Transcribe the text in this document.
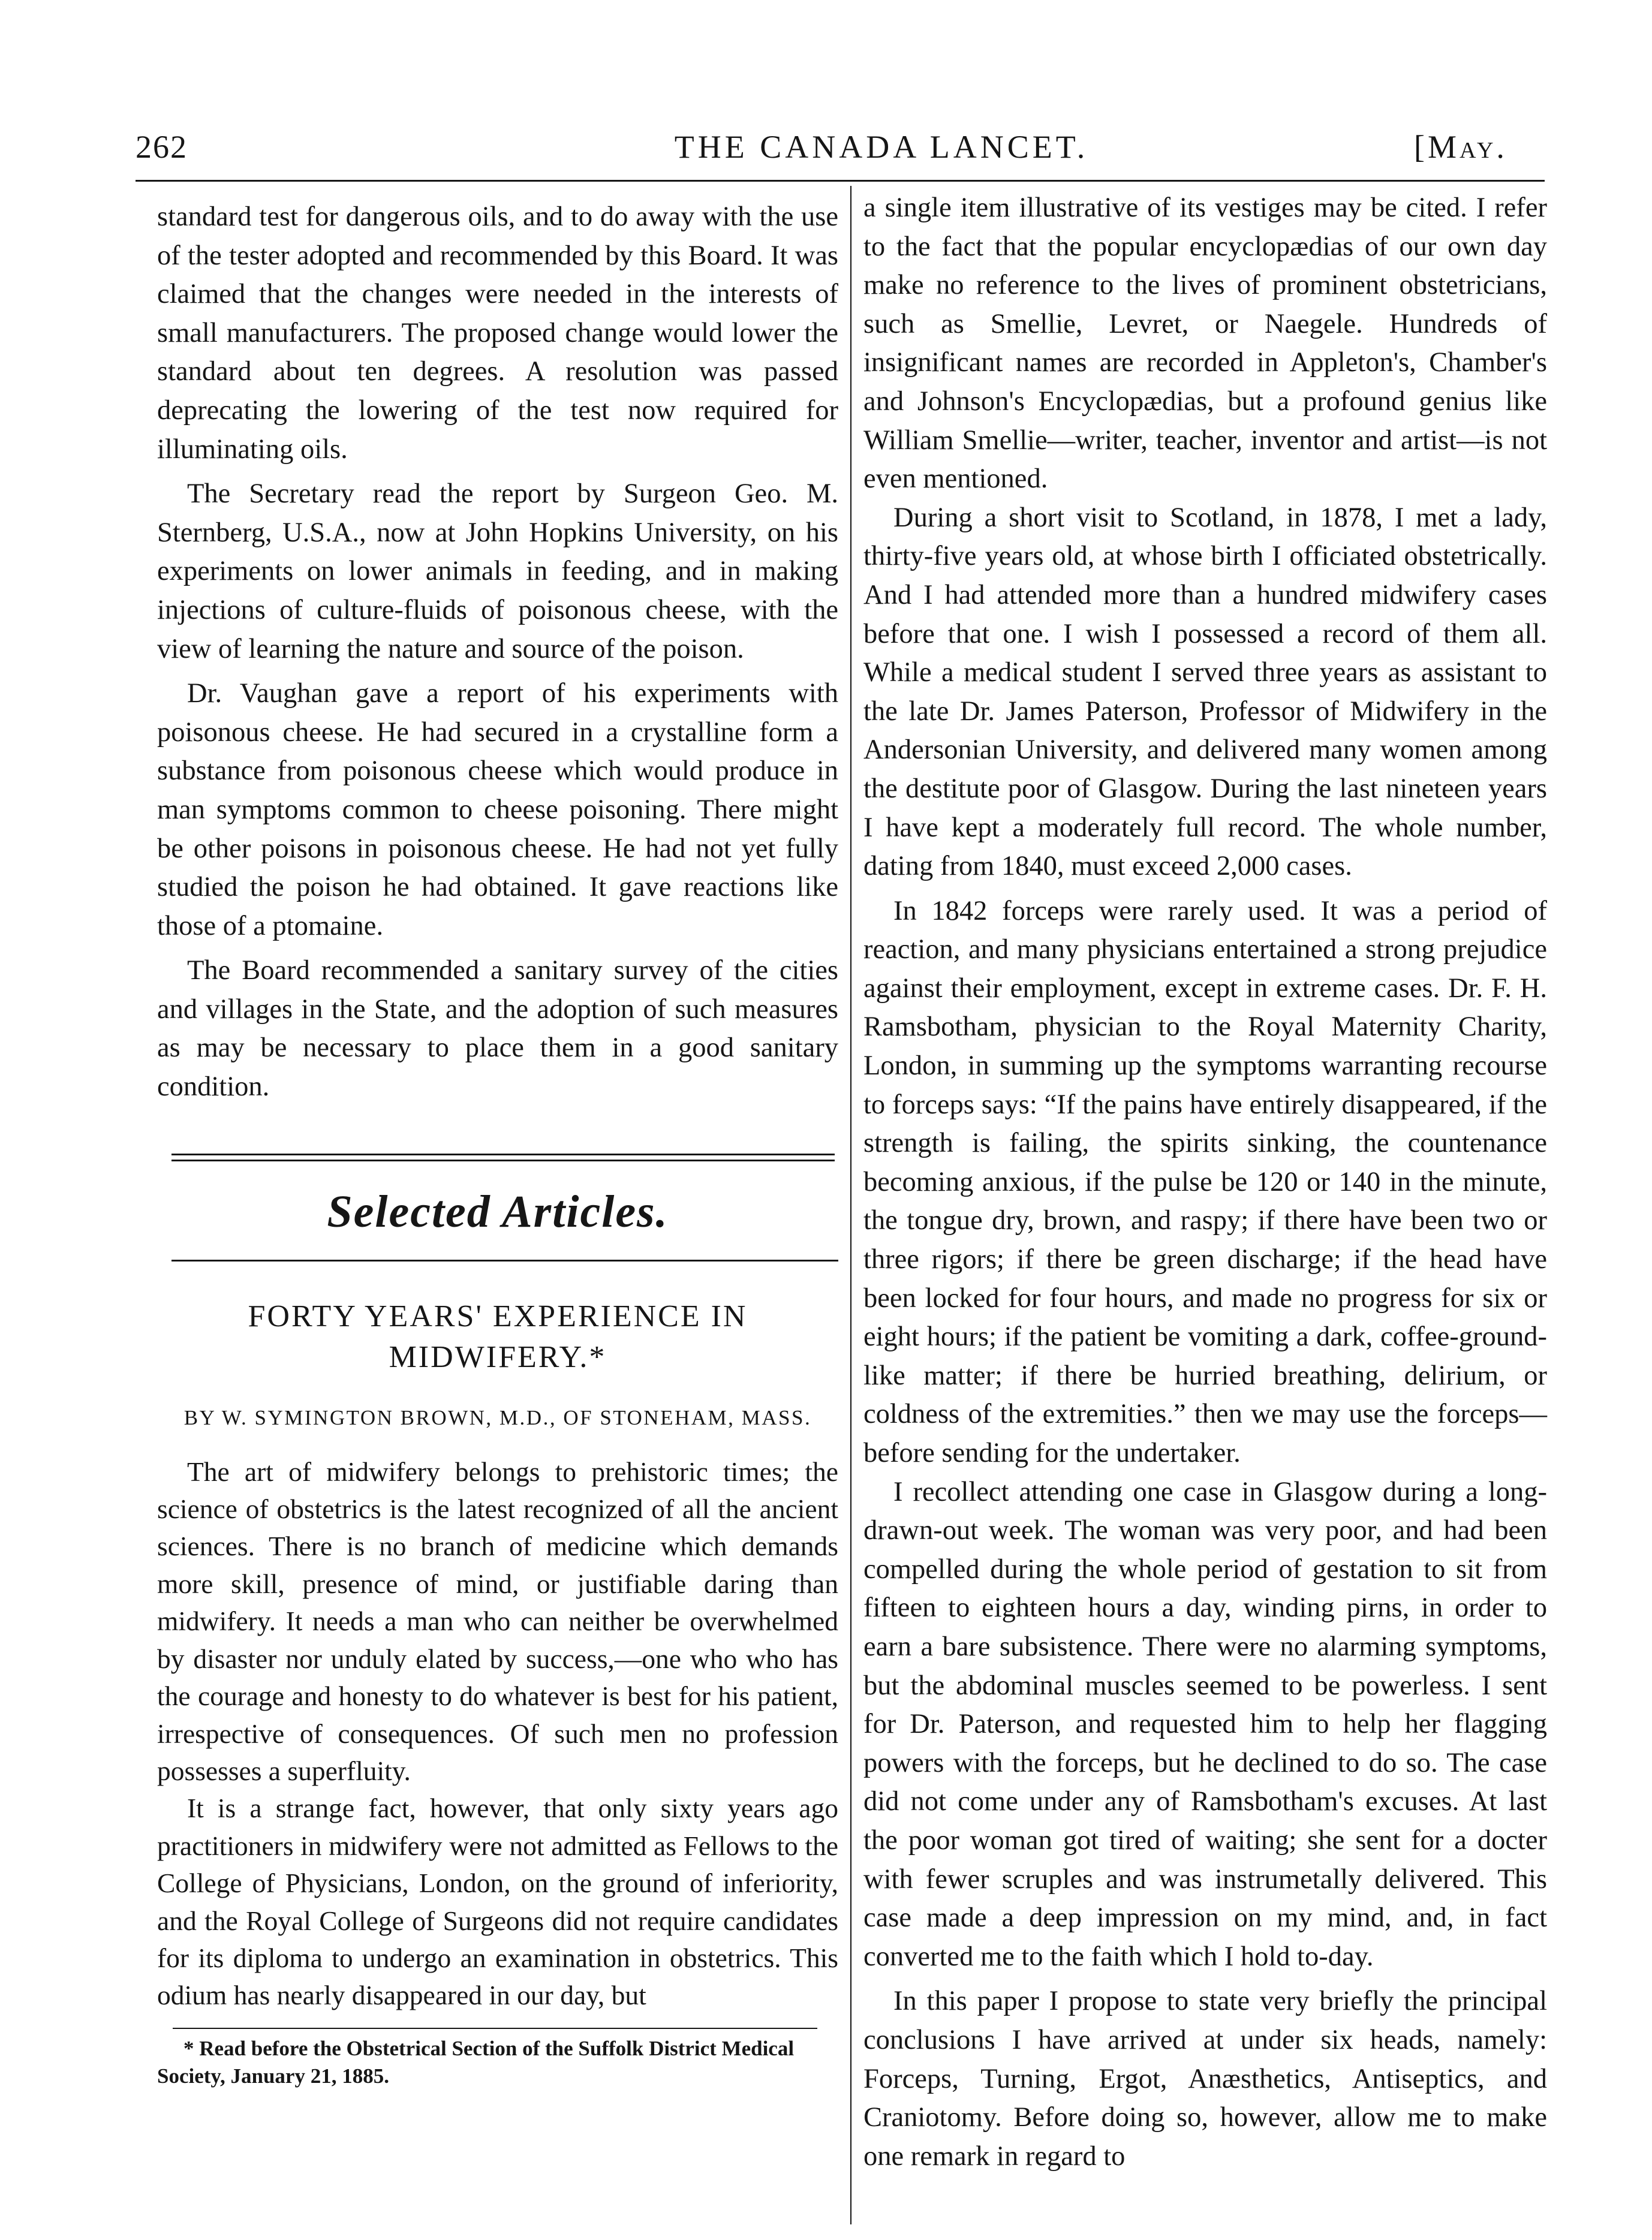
262	THE CANADA LANCET.	[May.

standard test for dangerous oils, and to do away with the use of the tester adopted and recommended by this Board. It was claimed that the changes were needed in the interests of small manufacturers. The proposed change would lower the standard about ten degrees. A resolution was passed deprecating the lowering of the test now required for illuminating oils.

The Secretary read the report by Surgeon Geo. M. Sternberg, U.S.A., now at John Hopkins University, on his experiments on lower animals in feeding, and in making injections of culture-fluids of poisonous cheese, with the view of learning the nature and source of the poison.

Dr. Vaughan gave a report of his experiments with poisonous cheese. He had secured in a crystalline form a substance from poisonous cheese which would produce in man symptoms common to cheese poisoning. There might be other poisons in poisonous cheese. He had not yet fully studied the poison he had obtained. It gave reactions like those of a ptomaine.

The Board recommended a sanitary survey of the cities and villages in the State, and the adoption of such measures as may be necessary to place them in a good sanitary condition.

Selected Articles.
FORTY YEARS' EXPERIENCE IN MIDWIFERY.*
BY W. SYMINGTON BROWN, M.D., OF STONEHAM, MASS.

The art of midwifery belongs to prehistoric times; the science of obstetrics is the latest recognized of all the ancient sciences. There is no branch of medicine which demands more skill, presence of mind, or justifiable daring than midwifery. It needs a man who can neither be overwhelmed by disaster nor unduly elated by success,—one who who has the courage and honesty to do whatever is best for his patient, irrespective of consequences. Of such men no profession possesses a superfluity.

It is a strange fact, however, that only sixty years ago practitioners in midwifery were not admitted as Fellows to the College of Physicians, London, on the ground of inferiority, and the Royal College of Surgeons did not require candidates for its diploma to undergo an examination in obstetrics. This odium has nearly disappeared in our day, but

* Read before the Obstetrical Section of the Suffolk District Medical Society, January 21, 1885.

a single item illustrative of its vestiges may be cited. I refer to the fact that the popular encyclopædias of our own day make no reference to the lives of prominent obstetricians, such as Smellie, Levret, or Naegele. Hundreds of insignificant names are recorded in Appleton's, Chamber's and Johnson's Encyclopædias, but a profound genius like William Smellie—writer, teacher, inventor and artist—is not even mentioned.

During a short visit to Scotland, in 1878, I met a lady, thirty-five years old, at whose birth I officiated obstetrically. And I had attended more than a hundred midwifery cases before that one. I wish I possessed a record of them all. While a medical student I served three years as assistant to the late Dr. James Paterson, Professor of Midwifery in the Andersonian University, and delivered many women among the destitute poor of Glasgow. During the last nineteen years I have kept a moderately full record. The whole number, dating from 1840, must exceed 2,000 cases.

In 1842 forceps were rarely used. It was a period of reaction, and many physicians entertained a strong prejudice against their employment, except in extreme cases. Dr. F. H. Ramsbotham, physician to the Royal Maternity Charity, London, in summing up the symptoms warranting recourse to forceps says: “If the pains have entirely disappeared, if the strength is failing, the spirits sinking, the countenance becoming anxious, if the pulse be 120 or 140 in the minute, the tongue dry, brown, and raspy; if there have been two or three rigors; if there be green discharge; if the head have been locked for four hours, and made no progress for six or eight hours; if the patient be vomiting a dark, coffee-ground-like matter; if there be hurried breathing, delirium, or coldness of the extremities.” then we may use the forceps—before sending for the undertaker.

I recollect attending one case in Glasgow during a long-drawn-out week. The woman was very poor, and had been compelled during the whole period of gestation to sit from fifteen to eighteen hours a day, winding pirns, in order to earn a bare subsistence. There were no alarming symptoms, but the abdominal muscles seemed to be powerless. I sent for Dr. Paterson, and requested him to help her flagging powers with the forceps, but he declined to do so. The case did not come under any of Ramsbotham's excuses. At last the poor woman got tired of waiting; she sent for a docter with fewer scruples and was instrumetally delivered. This case made a deep impression on my mind, and, in fact converted me to the faith which I hold to-day.

In this paper I propose to state very briefly the principal conclusions I have arrived at under six heads, namely: Forceps, Turning, Ergot, Anæsthetics, Antiseptics, and Craniotomy. Before doing so, however, allow me to make one remark in regard to
